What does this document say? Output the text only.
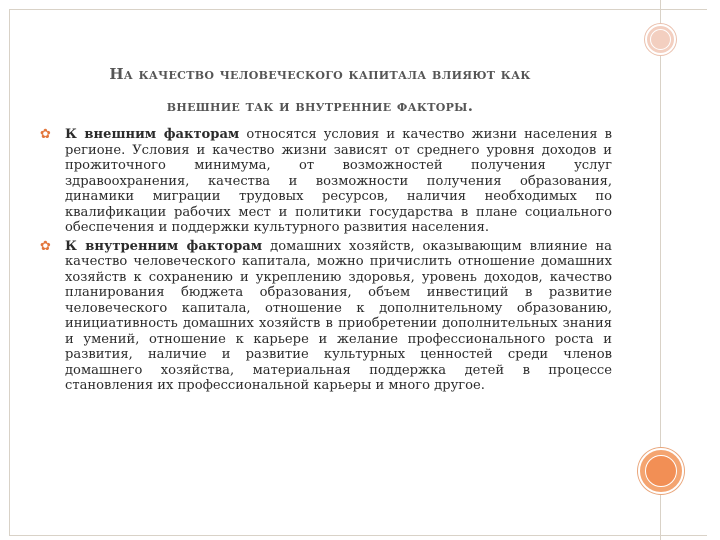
На качество человеческого капитала влияют как
внешние так и внутренние факторы.
✿	К внешним факторам относятся условия и качество жизни населения в регионе. Условия и качество жизни зависят от среднего уровня доходов и прожиточного минимума, от возможностей получения услуг здравоохранения, качества и возможности получения образования, динамики миграции трудовых ресурсов, наличия необходимых по квалификации рабочих мест и политики государства в плане социального обеспечения и поддержки культурного развития населения.
✿	К внутренним факторам домашних хозяйств, оказывающим влияние на качество человеческого капитала, можно причислить отношение домашних хозяйств к сохранению и укреплению здоровья, уровень доходов, качество планирования бюджета образования, объем инвестиций в развитие человеческого капитала, отношение к дополнительному образованию, инициативность домашних хозяйств в приобретении дополнительных знания и умений, отношение к карьере и желание профессионального роста и развития, наличие и развитие культурных ценностей среди членов домашнего хозяйства, материальная поддержка детей в процессе становления их профессиональной карьеры и много другое.
